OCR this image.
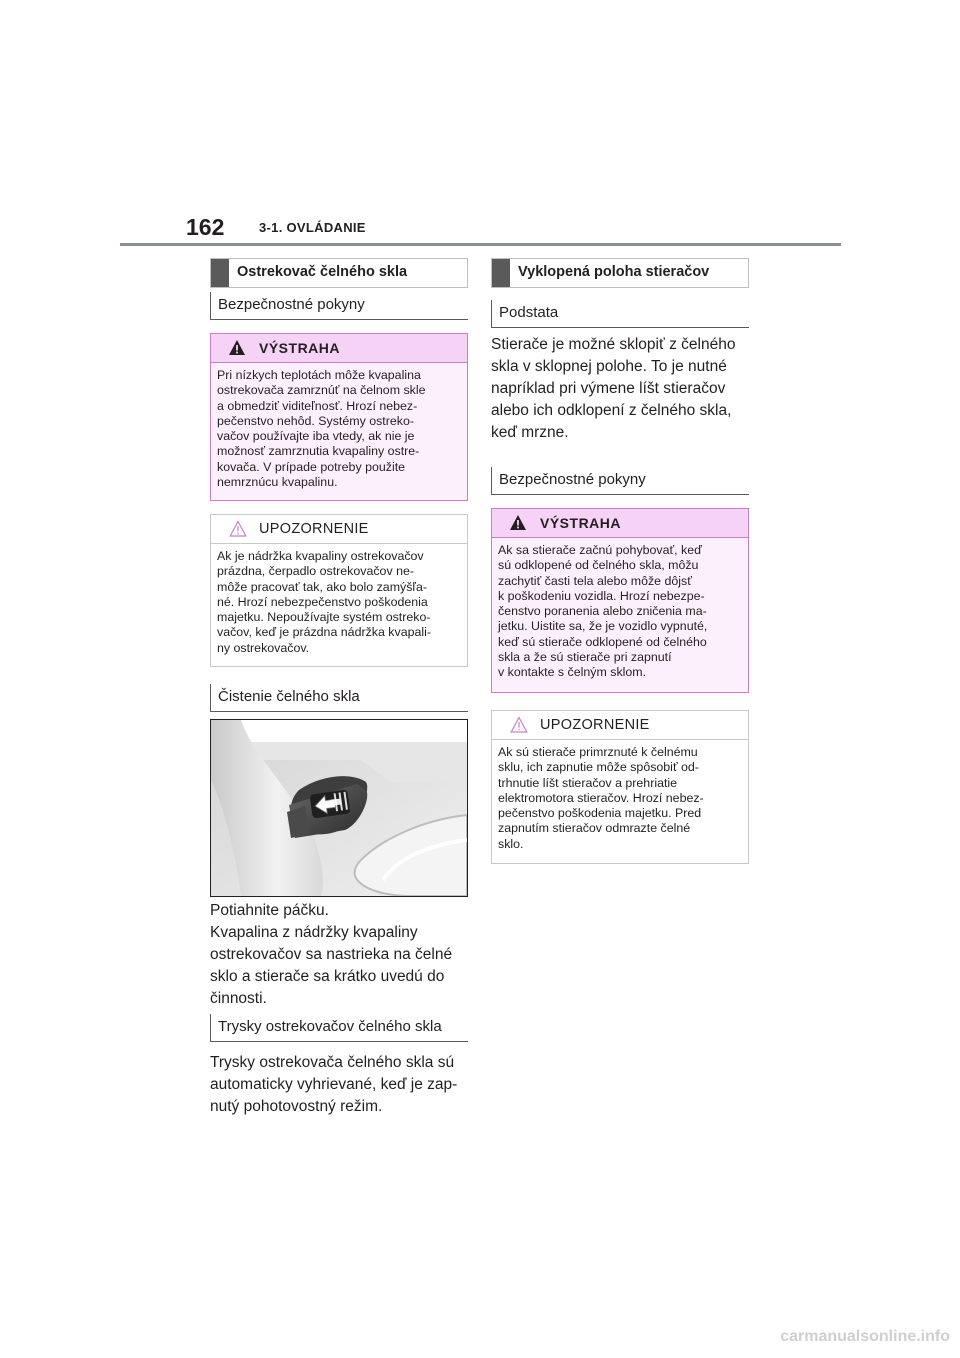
162	3-1. OVLÁDANIE
Ostrekovač čelného skla
Bezpečnostné pokyny
VÝSTRAHA
Pri nízkych teplotách môže kvapalina
ostrekovača zamrznúť na čelnom skle
a obmedziť viditeľnosť. Hrozí nebez-
pečenstvo nehôd. Systémy ostreko-
vačov používajte iba vtedy, ak nie je
možnosť zamrznutia kvapaliny ostre-
kovača. V prípade potreby použite
nemrznúcu kvapalinu.
UPOZORNENIE
Ak je nádržka kvapaliny ostrekovačov
prázdna, čerpadlo ostrekovačov ne-
môže pracovať tak, ako bolo zamýšľa-
né. Hrozí nebezpečenstvo poškodenia
majetku. Nepoužívajte systém ostreko-
vačov, keď je prázdna nádržka kvapali-
ny ostrekovačov.
Čistenie čelného skla
Potiahnite páčku.
Kvapalina z nádržky kvapaliny
ostrekovačov sa nastrieka na čelné
sklo a stierače sa krátko uvedú do
činnosti.
Trysky ostrekovačov čelného skla
Trysky ostrekovača čelného skla sú
automaticky vyhrievané, keď je zap-
nutý pohotovostný režim.
Vyklopená poloha stieračov
Podstata
Stierače je možné sklopiť z čelného
skla v sklopnej polohe. To je nutné
napríklad pri výmene líšt stieračov
alebo ich odklopení z čelného skla,
keď mrzne.
Bezpečnostné pokyny
VÝSTRAHA
Ak sa stierače začnú pohybovať, keď
sú odklopené od čelného skla, môžu
zachytiť časti tela alebo môže dôjsť
k poškodeniu vozidla. Hrozí nebezpe-
čenstvo poranenia alebo zničenia ma-
jetku. Uistite sa, že je vozidlo vypnuté,
keď sú stierače odklopené od čelného
skla a že sú stierače pri zapnutí
v kontakte s čelným sklom.
UPOZORNENIE
Ak sú stierače primrznuté k čelnému
sklu, ich zapnutie môže spôsobiť od-
trhnutie líšt stieračov a prehriatie
elektromotora stieračov. Hrozí nebez-
pečenstvo poškodenia majetku. Pred
zapnutím stieračov odmrazte čelné
sklo.
carmanualsonline.info
